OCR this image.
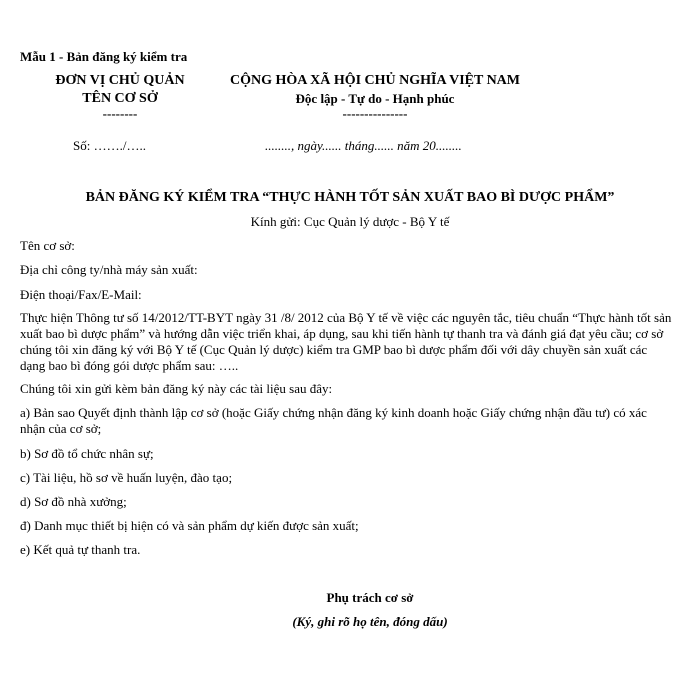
Mẫu 1 - Bản đăng ký kiểm tra
ĐƠN VỊ CHỦ QUẢN
TÊN CƠ SỞ
--------
CỘNG HÒA XÃ HỘI CHỦ NGHĨA VIỆT NAM
Độc lập - Tự do - Hạnh phúc
---------------
Số: ……./…..	........, ngày...... tháng...... năm 20........
BẢN ĐĂNG KÝ KIỂM TRA “THỰC HÀNH TỐT SẢN XUẤT BAO BÌ DƯỢC PHẨM”
Kính gửi: Cục Quản lý dược - Bộ Y tế
Tên cơ sở:
Địa chỉ công ty/nhà máy sản xuất:
Điện thoại/Fax/E-Mail:
Thực hiện Thông tư số 14/2012/TT-BYT ngày 31 /8/ 2012 của Bộ Y tế về việc các nguyên tắc, tiêu chuẩn “Thực hành tốt sản xuất bao bì dược phẩm” và hướng dẫn việc triển khai, áp dụng, sau khi tiến hành tự thanh tra và đánh giá đạt yêu cầu; cơ sở chúng tôi xin đăng ký với Bộ Y tế (Cục Quản lý dược) kiểm tra GMP bao bì dược phẩm đối với dây chuyền sản xuất các dạng bao bì đóng gói dược phẩm sau: …..
Chúng tôi xin gửi kèm bản đăng ký này các tài liệu sau đây:
a) Bản sao Quyết định thành lập cơ sở (hoặc Giấy chứng nhận đăng ký kinh doanh hoặc Giấy chứng nhận đầu tư) có xác nhận của cơ sở;
b) Sơ đồ tổ chức nhân sự;
c) Tài liệu, hồ sơ về huấn luyện, đào tạo;
d) Sơ đồ nhà xưởng;
đ) Danh mục thiết bị hiện có và sản phẩm dự kiến được sản xuất;
e) Kết quả tự thanh tra.
Phụ trách cơ sở
(Ký, ghi rõ họ tên, đóng dấu)
